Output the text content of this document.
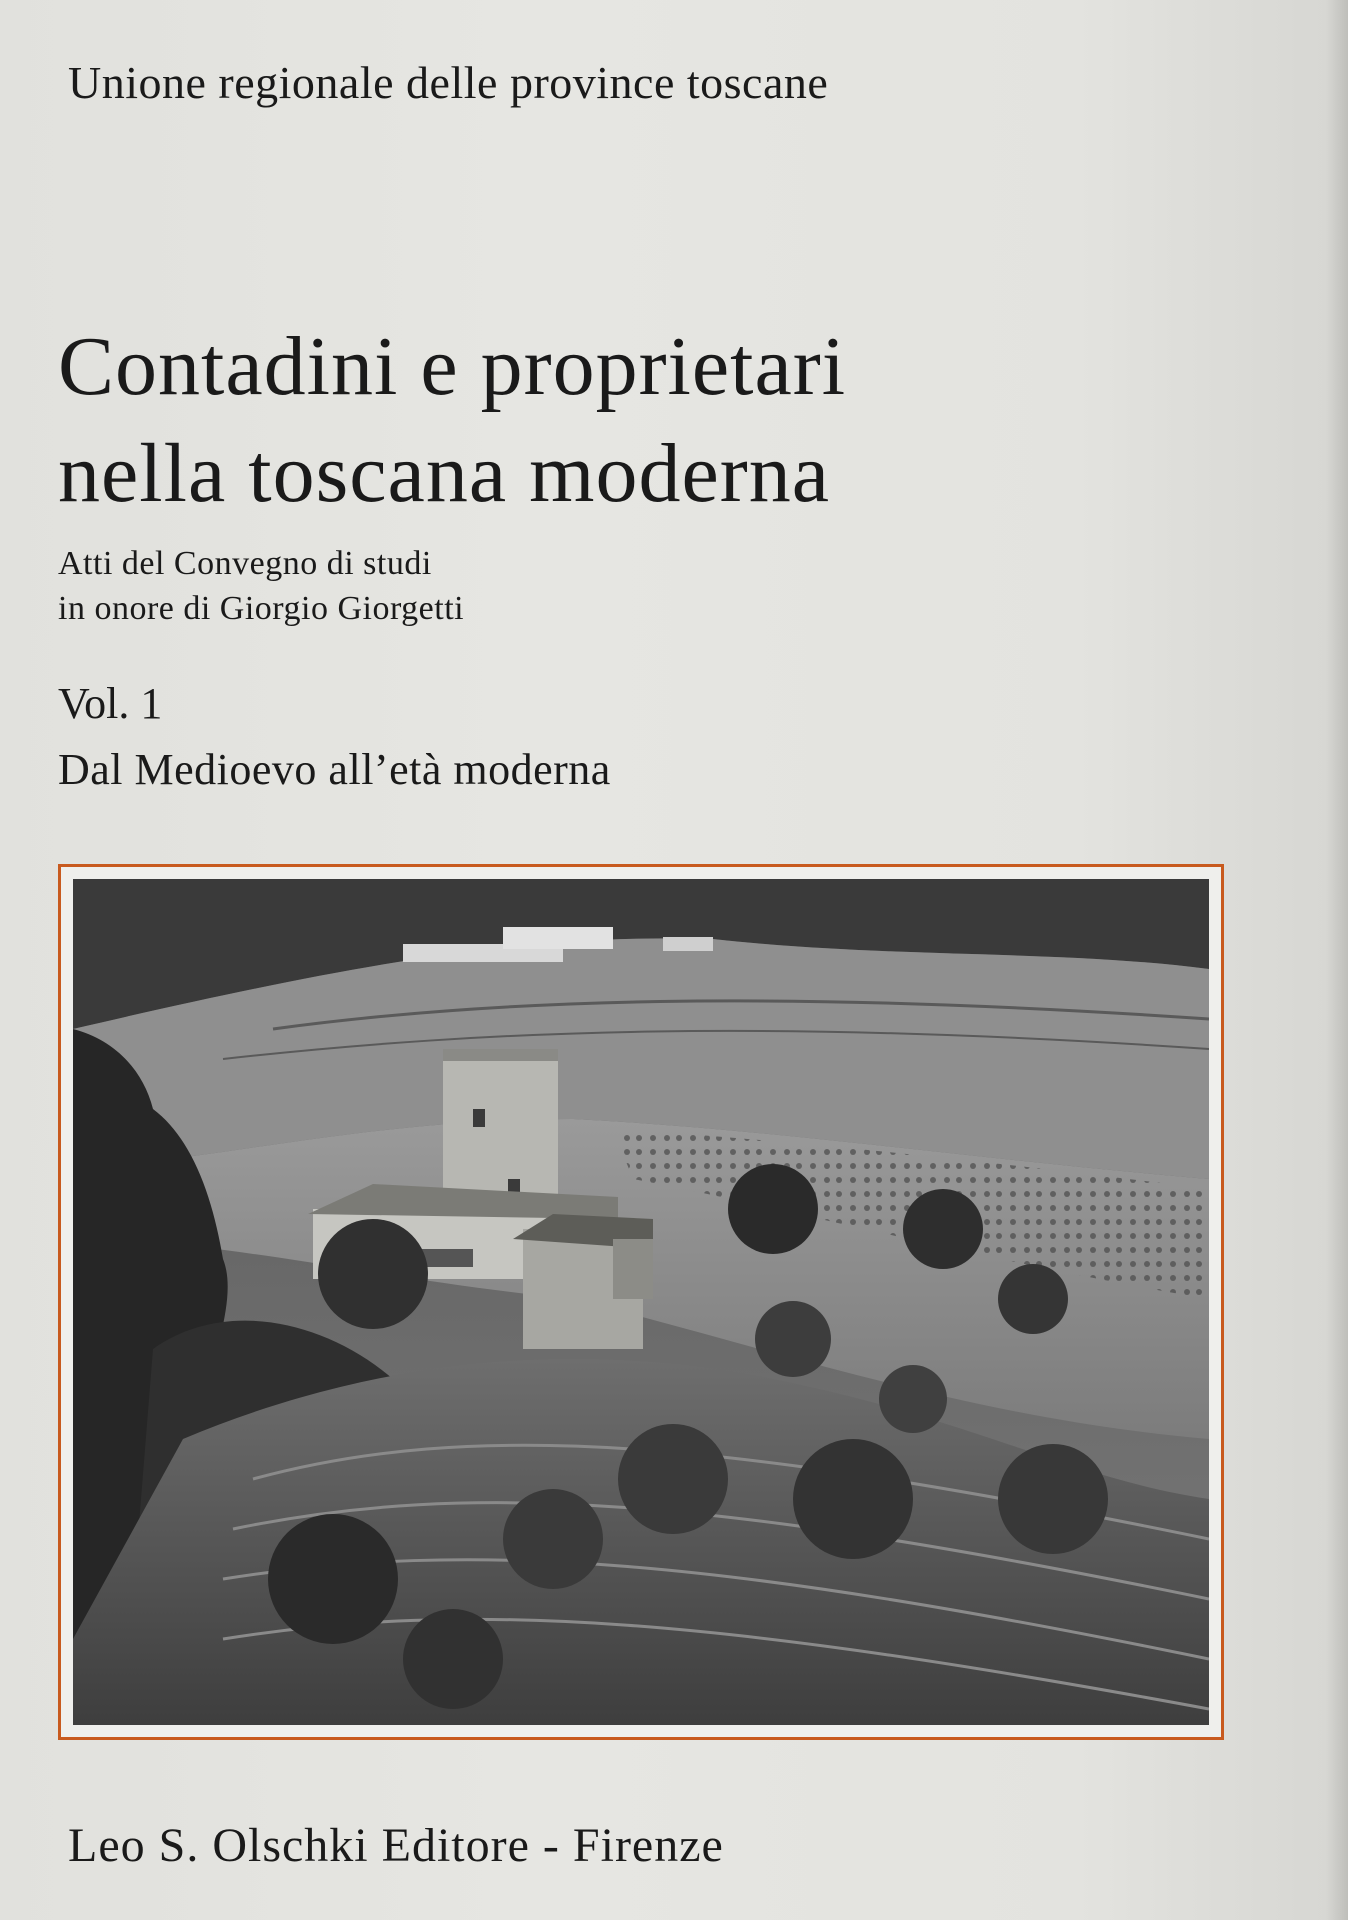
Unione regionale delle province toscane

Contadini e proprietari
nella toscana moderna

Atti del Convegno di studi

in onore di Giorgio Giorgetti

Vol. 1

Dal Medioevo all’età moderna

Leo S. Olschki Editore - Firenze
